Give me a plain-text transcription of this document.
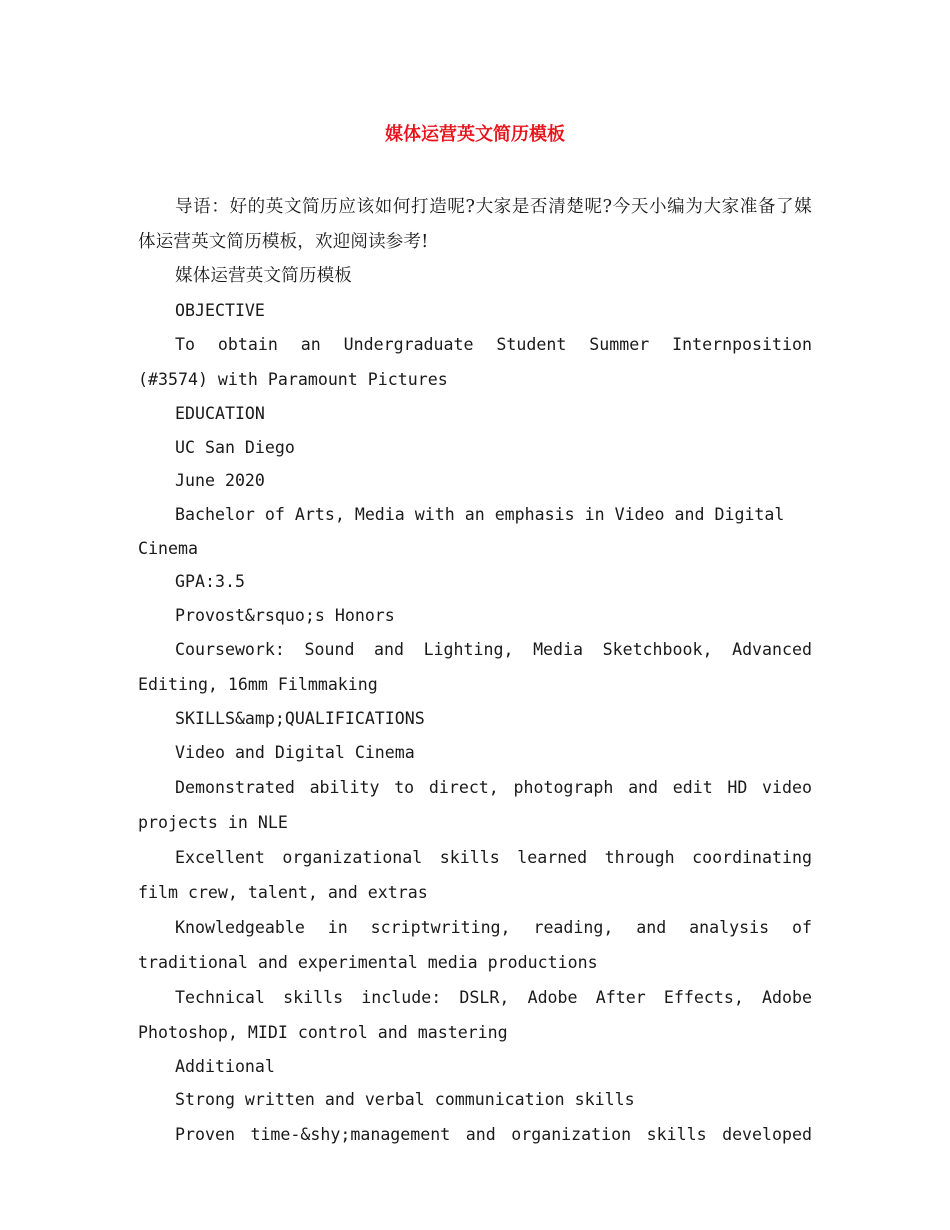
媒体运营英文简历模板

导语：好的英文简历应该如何打造呢?大家是否清楚呢?今天小编为大家准备了媒体运营英文简历模板，欢迎阅读参考!

媒体运营英文简历模板

OBJECTIVE

To obtain an Undergraduate Student Summer Internposition (#3574) with Paramount Pictures

EDUCATION

UC San Diego

June 2020

Bachelor of Arts, Media with an emphasis in Video and Digital Cinema

GPA:3.5

Provost&rsquo;s Honors

Coursework: Sound and Lighting, Media Sketchbook, Advanced Editing, 16mm Filmmaking

SKILLS&amp;QUALIFICATIONS

Video and Digital Cinema

Demonstrated ability to direct, photograph and edit HD video projects in NLE

Excellent organizational skills learned through coordinating film crew, talent, and extras

Knowledgeable in scriptwriting, reading, and analysis of traditional and experimental media productions

Technical skills include: DSLR, Adobe After Effects, Adobe Photoshop, MIDI control and mastering

Additional

Strong written and verbal communication skills

Proven time-&shy;management and organization skills developed
